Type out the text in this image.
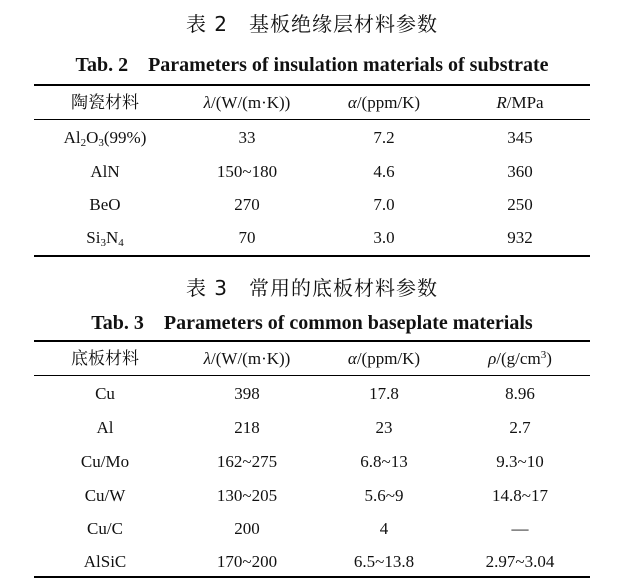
表 2　基板绝缘层材料参数
Tab. 2　Parameters of insulation materials of substrate
陶瓷材料	λ/(W/(m·K))	α/(ppm/K)	R/MPa
$Al_2O_3(99\%)$	33	7.2	345
AlN	150~180	4.6	360
BeO	270	7.0	250
$Si_3N_4$	70	3.0	932
表 3　常用的底板材料参数
Tab. 3　Parameters of common baseplate materials
底板材料	λ/(W/(m·K))	α/(ppm/K)	$\rho/(g/cm^3)$
Cu	398	17.8	8.96
Al	218	23	2.7
Cu/Mo	162~275	6.8~13	9.3~10
Cu/W	130~205	5.6~9	14.8~17
Cu/C	200	4	—
AlSiC	170~200	6.5~13.8	2.97~3.04
